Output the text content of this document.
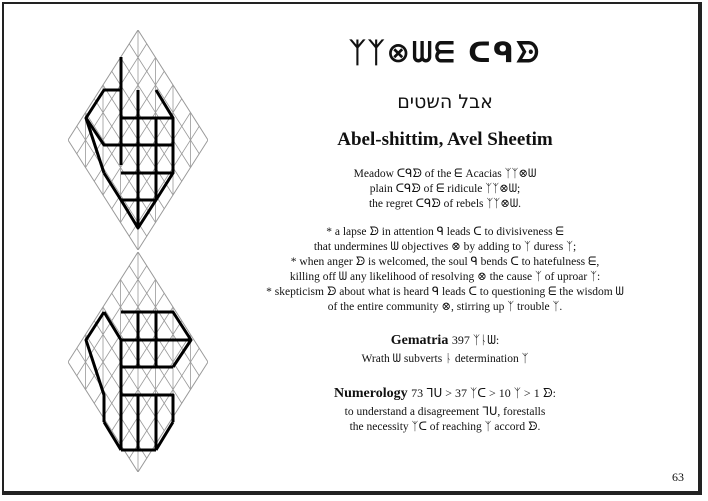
ᛉᛉ⊗ᗯᗴ ᑕᑫᗦ
אבל השטים
Abel-shittim, Avel Sheetim
Meadow ᑕᑫᗦ of the ᗴ Acacias ᛉᛉ⊗ᗯ
plain ᑕᑫᗦ of ᗴ ridicule ᛉᛉ⊗ᗯ;
the regret ᑕᑫᗦ of rebels ᛉᛉ⊗ᗯ.
* a lapse ᗦ in attention ᑫ leads ᑕ to divisiveness ᗴ
that undermines ᗯ objectives ⊗ by adding to ᛉ duress ᛉ;
* when anger ᗦ is welcomed, the soul ᑫ bends ᑕ to hatefulness ᗴ,
killing off ᗯ any likelihood of resolving ⊗ the cause ᛉ of uproar ᛉ:
* skepticism ᗦ about what is heard ᑫ leads ᑕ to questioning ᗴ the wisdom ᗯ
of the entire community ⊗, stirring up ᛉ trouble ᛉ.
Gematria 397 ᛉᚿᗯ:
Wrath ᗯ subverts ᚿ determination ᛉ
Numerology 73 ᒣᑌ > 37 ᛉᑕ > 10 ᛉ > 1 ᗦ:
to understand a disagreement ᒣᑌ, forestalls
the necessity ᛉᑕ of reaching ᛉ accord ᗦ.
63
